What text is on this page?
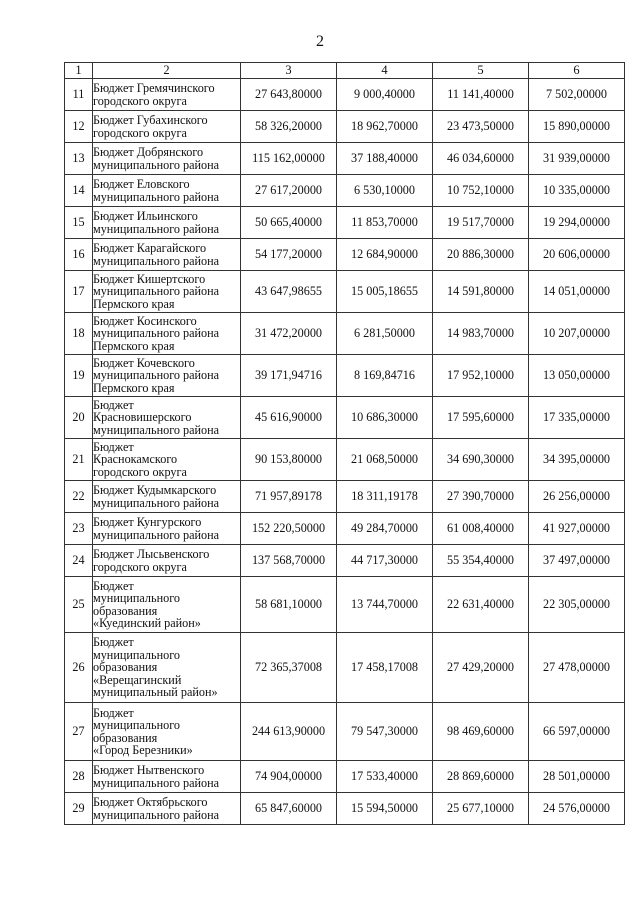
2
1	2	3	4	5	6
11	Бюджет Гремячинского
городского округа	27 643,80000	9 000,40000	11 141,40000	7 502,00000
12	Бюджет Губахинского
городского округа	58 326,20000	18 962,70000	23 473,50000	15 890,00000
13	Бюджет Добрянского
муниципального района	115 162,00000	37 188,40000	46 034,60000	31 939,00000
14	Бюджет Еловского
муниципального района	27 617,20000	6 530,10000	10 752,10000	10 335,00000
15	Бюджет Ильинского
муниципального района	50 665,40000	11 853,70000	19 517,70000	19 294,00000
16	Бюджет Карагайского
муниципального района	54 177,20000	12 684,90000	20 886,30000	20 606,00000
17	Бюджет Кишертского
муниципального района
Пермского края	43 647,98655	15 005,18655	14 591,80000	14 051,00000
18	Бюджет Косинского
муниципального района
Пермского края	31 472,20000	6 281,50000	14 983,70000	10 207,00000
19	Бюджет Кочевского
муниципального района
Пермского края	39 171,94716	8 169,84716	17 952,10000	13 050,00000
20	Бюджет
Красновишерского
муниципального района	45 616,90000	10 686,30000	17 595,60000	17 335,00000
21	Бюджет
Краснокамского
городского округа	90 153,80000	21 068,50000	34 690,30000	34 395,00000
22	Бюджет Кудымкарского
муниципального района	71 957,89178	18 311,19178	27 390,70000	26 256,00000
23	Бюджет Кунгурского
муниципального района	152 220,50000	49 284,70000	61 008,40000	41 927,00000
24	Бюджет Лысьвенского
городского округа	137 568,70000	44 717,30000	55 354,40000	37 497,00000
25	Бюджет
муниципального
образования
«Куединский район»	58 681,10000	13 744,70000	22 631,40000	22 305,00000
26	Бюджет
муниципального
образования
«Верещагинский
муниципальный район»	72 365,37008	17 458,17008	27 429,20000	27 478,00000
27	Бюджет
муниципального
образования
«Город Березники»	244 613,90000	79 547,30000	98 469,60000	66 597,00000
28	Бюджет Нытвенского
муниципального района	74 904,00000	17 533,40000	28 869,60000	28 501,00000
29	Бюджет Октябрьского
муниципального района	65 847,60000	15 594,50000	25 677,10000	24 576,00000
